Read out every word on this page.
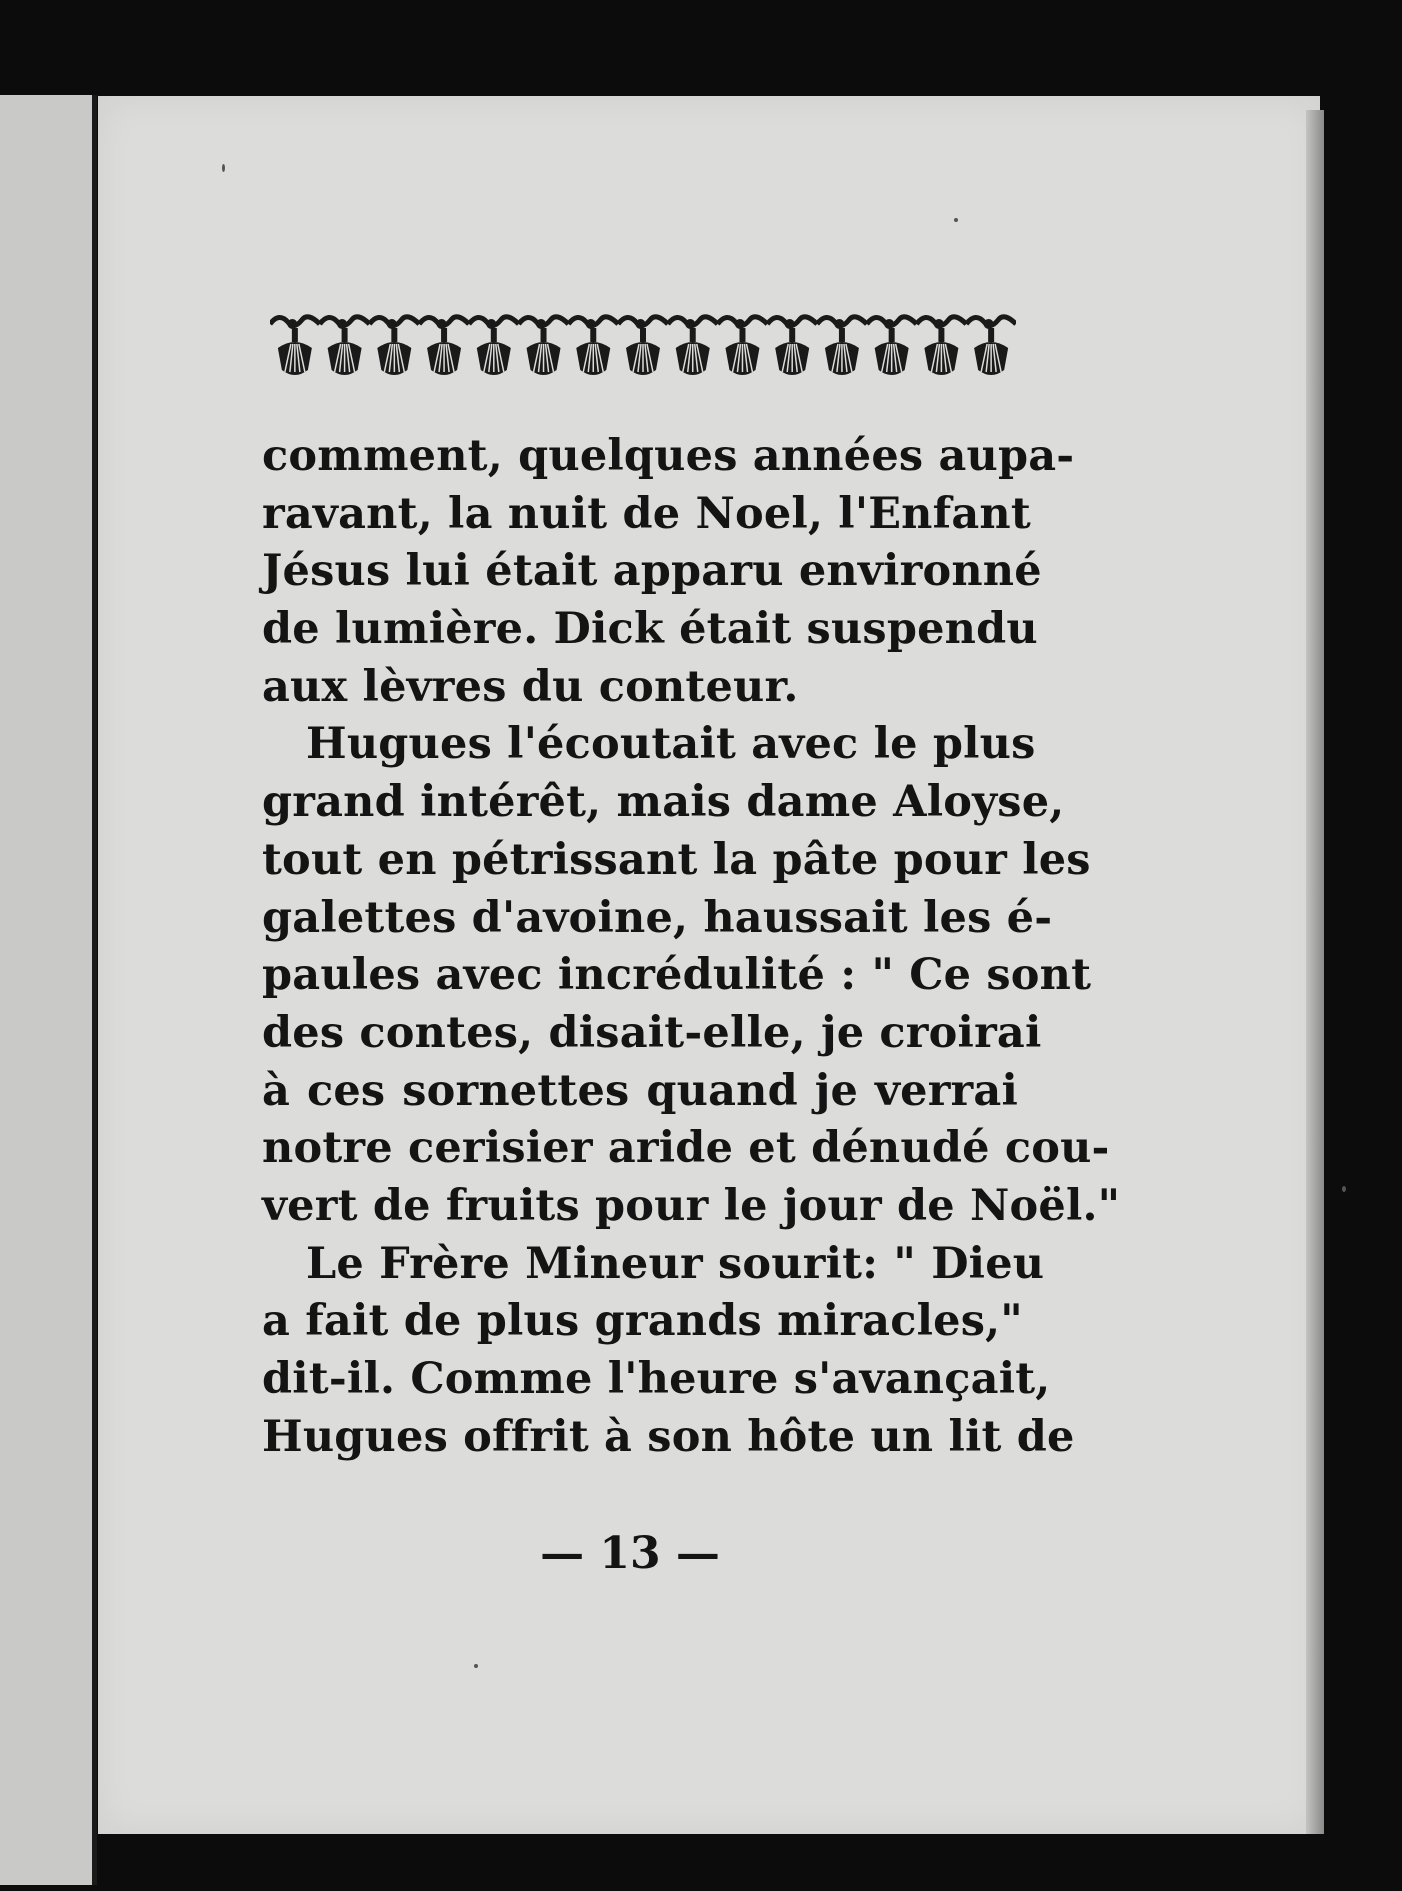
comment, quelques années aupa-
ravant, la nuit de Noel, l'Enfant
Jésus lui était apparu environné
de lumière. Dick était suspendu
aux lèvres du conteur.
Hugues l'écoutait avec le plus
grand intérêt, mais dame Aloyse,
tout en pétrissant la pâte pour les
galettes d'avoine, haussait les é-
paules avec incrédulité : " Ce sont
des contes, disait-elle, je croirai
à ces sornettes quand je verrai
notre cerisier aride et dénudé cou-
vert de fruits pour le jour de Noël."
Le Frère Mineur sourit: " Dieu
a fait de plus grands miracles,"
dit-il. Comme l'heure s'avançait,
Hugues offrit à son hôte un lit de
— 13 —
